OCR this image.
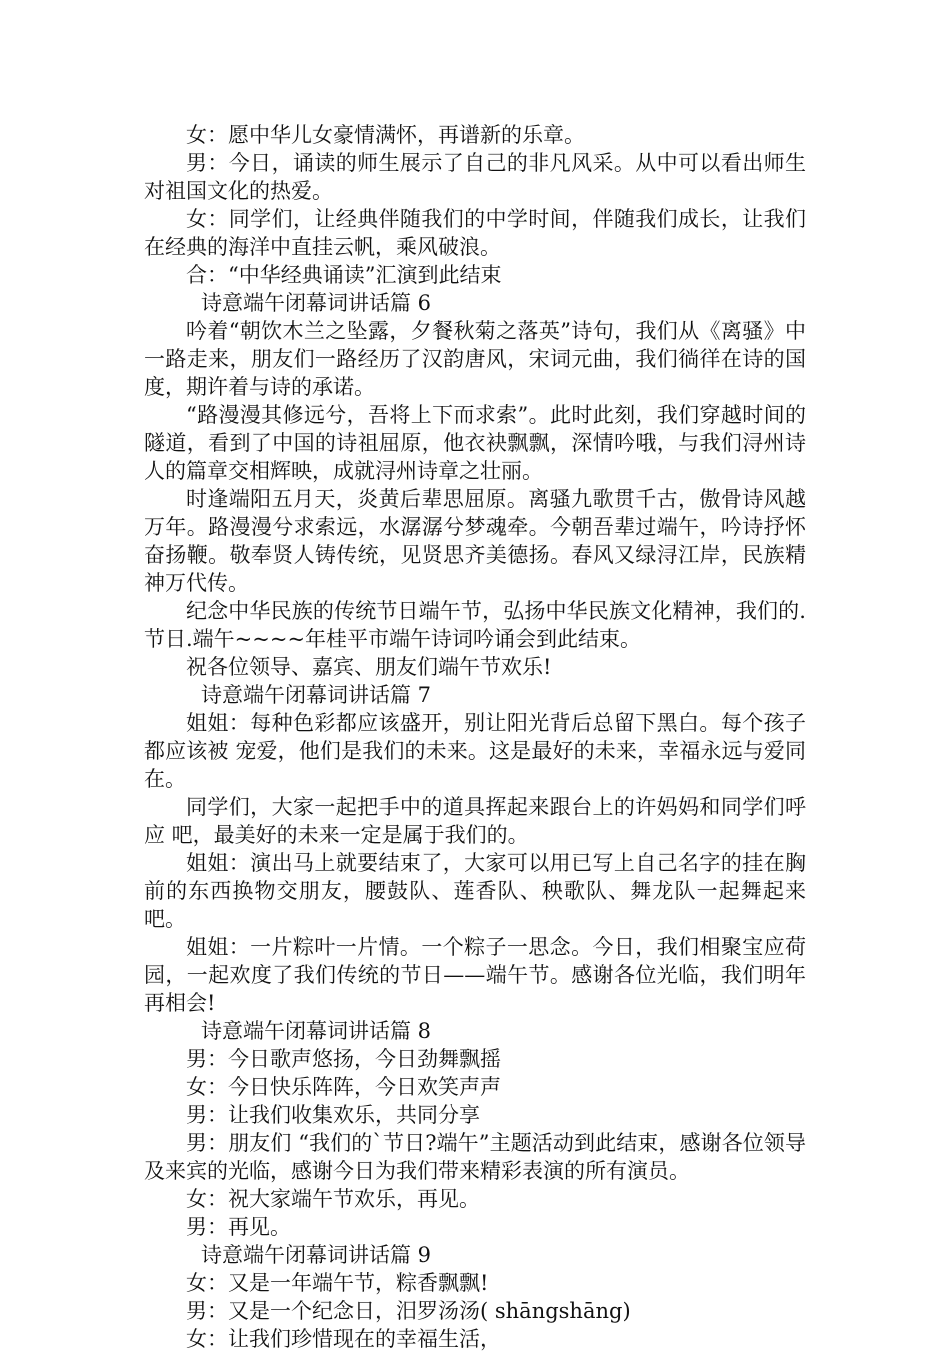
女：愿中华儿女豪情满怀，再谱新的乐章。

男：今日，诵读的师生展示了自己的非凡风采。从中可以看出师生对祖国文化的热爱。

女：同学们，让经典伴随我们的中学时间，伴随我们成长，让我们在经典的海洋中直挂云帆，乘风破浪。

合：“中华经典诵读”汇演到此结束

诗意端午闭幕词讲话篇 6

吟着“朝饮木兰之坠露，夕餐秋菊之落英”诗句，我们从《离骚》中一路走来，朋友们一路经历了汉韵唐风，宋词元曲，我们徜徉在诗的国度，期许着与诗的承诺。

“路漫漫其修远兮，吾将上下而求索”。此时此刻，我们穿越时间的隧道，看到了中国的诗祖屈原，他衣袂飘飘，深情吟哦，与我们浔州诗人的篇章交相辉映，成就浔州诗章之壮丽。

时逢端阳五月天，炎黄后辈思屈原。离骚九歌贯千古，傲骨诗风越万年。路漫漫兮求索远，水潺潺兮梦魂牵。今朝吾辈过端午，吟诗抒怀奋扬鞭。敬奉贤人铸传统，见贤思齐美德扬。春风又绿浔江岸，民族精神万代传。

纪念中华民族的传统节日端午节，弘扬中华民族文化精神，我们的.节日.端午~~~~年桂平市端午诗词吟诵会到此结束。

祝各位领导、嘉宾、朋友们端午节欢乐!

诗意端午闭幕词讲话篇 7

姐姐：每种色彩都应该盛开，别让阳光背后总留下黑白。每个孩子都应该被 宠爱，他们是我们的未来。这是最好的未来，幸福永远与爱同在。

同学们，大家一起把手中的道具挥起来跟台上的许妈妈和同学们呼应 吧，最美好的未来一定是属于我们的。

姐姐：演出马上就要结束了，大家可以用已写上自己名字的挂在胸前的东西换物交朋友，腰鼓队、莲香队、秧歌队、舞龙队一起舞起来吧。

姐姐：一片粽叶一片情。一个粽子一思念。今日，我们相聚宝应荷园，一起欢度了我们传统的节日——端午节。感谢各位光临，我们明年再相会!

诗意端午闭幕词讲话篇 8

男：今日歌声悠扬，今日劲舞飘摇

女：今日快乐阵阵，今日欢笑声声

男：让我们收集欢乐，共同分享

男：朋友们 “我们的`节日?端午”主题活动到此结束，感谢各位领导及来宾的光临，感谢今日为我们带来精彩表演的所有演员。

女：祝大家端午节欢乐，再见。

男：再见。

诗意端午闭幕词讲话篇 9

女：又是一年端午节，粽香飘飘!

男：又是一个纪念日，汨罗汤汤( shāngshāng)

女：让我们珍惜现在的幸福生活，
